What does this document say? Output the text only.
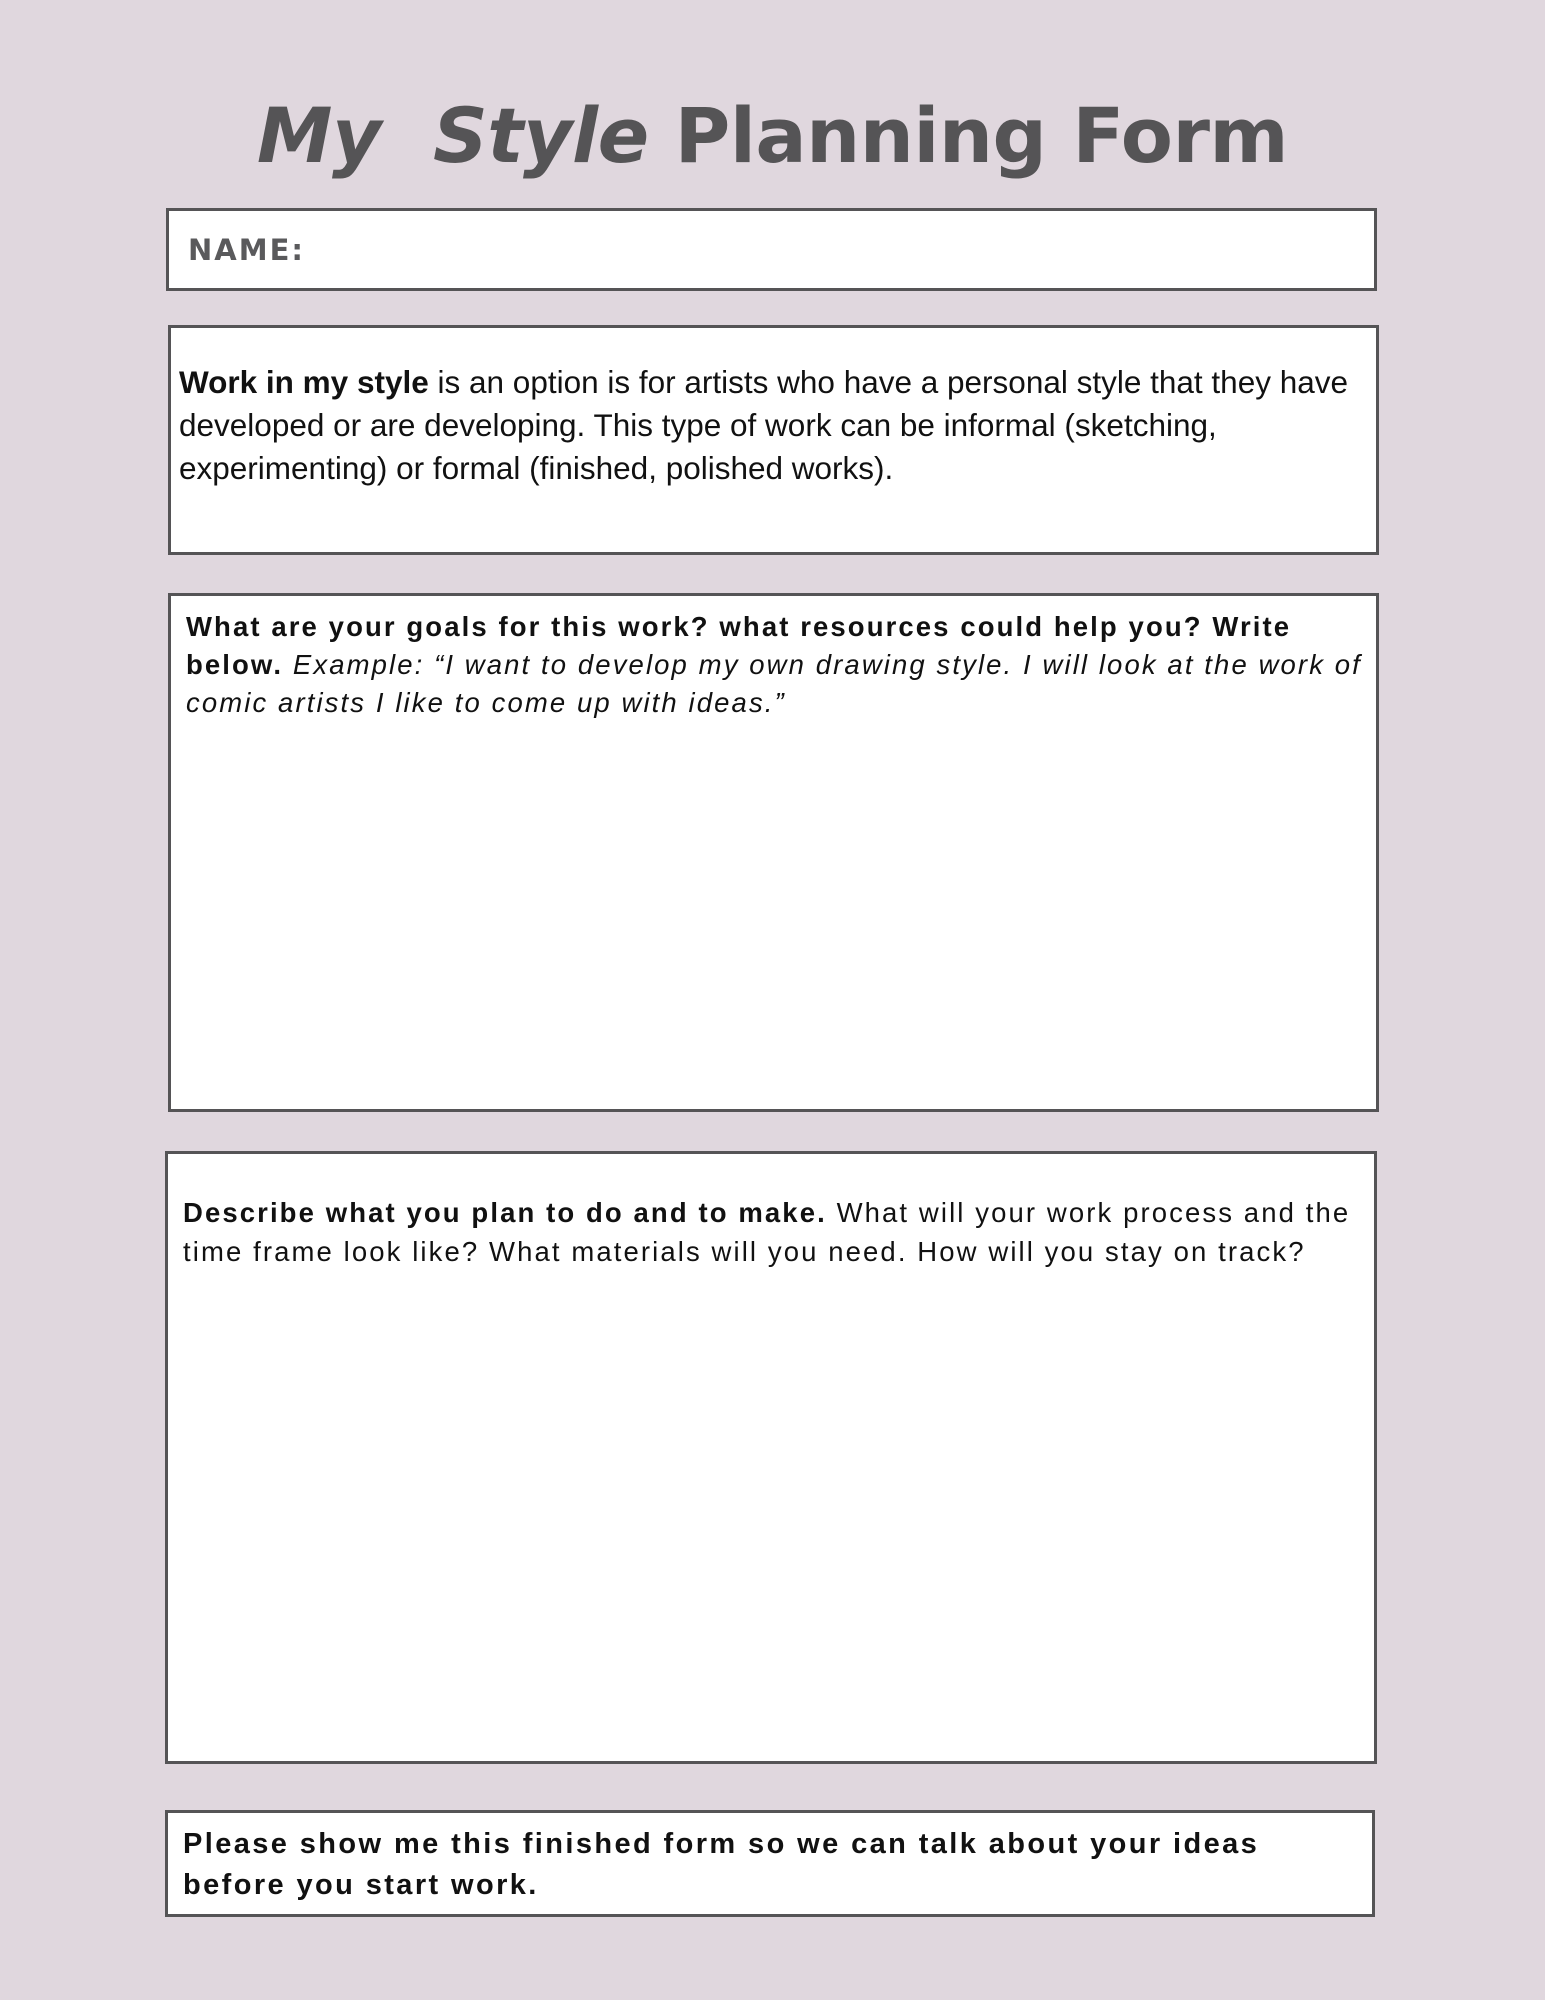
My Style Planning Form
NAME:
Work in my style is an option is for artists who have a personal style that they have developed or are developing. This type of work can be informal (sketching, experimenting) or formal (finished, polished works).
What are your goals for this work? what resources could help you? Write below. Example: “I want to develop my own drawing style. I will look at the work of comic artists I like to come up with ideas.”
Describe what you plan to do and to make. What will your work process and the time frame look like? What materials will you need. How will you stay on track?
Please show me this finished form so we can talk about your ideas before you start work.
